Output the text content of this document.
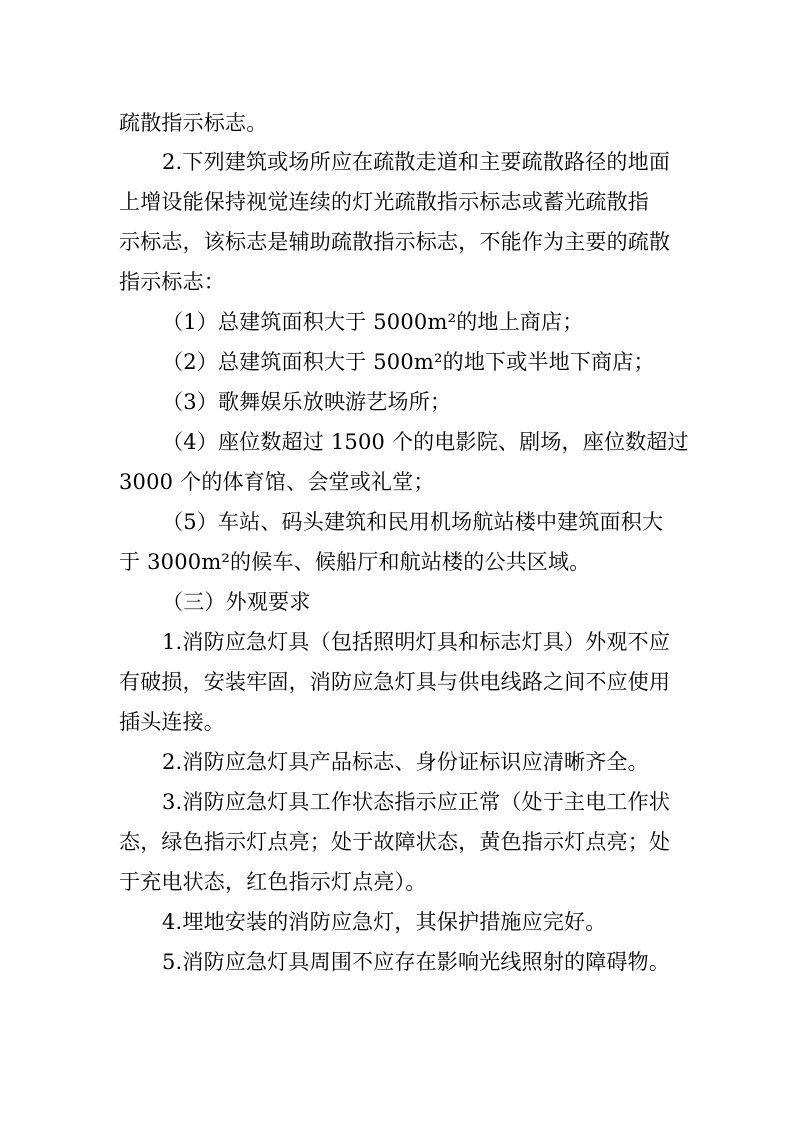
疏散指示标志。
2.下列建筑或场所应在疏散走道和主要疏散路径的地面
上增设能保持视觉连续的灯光疏散指示标志或蓄光疏散指
示标志，该标志是辅助疏散指示标志，不能作为主要的疏散
指示标志：
（1）总建筑面积大于 5000m²的地上商店；
（2）总建筑面积大于 500m²的地下或半地下商店；
（3）歌舞娱乐放映游艺场所；
（4）座位数超过 1500 个的电影院、剧场，座位数超过
3000 个的体育馆、会堂或礼堂；
（5）车站、码头建筑和民用机场航站楼中建筑面积大
于 3000m²的候车、候船厅和航站楼的公共区域。
（三）外观要求
1.消防应急灯具（包括照明灯具和标志灯具）外观不应
有破损，安装牢固，消防应急灯具与供电线路之间不应使用
插头连接。
2.消防应急灯具产品标志、身份证标识应清晰齐全。
3.消防应急灯具工作状态指示应正常（处于主电工作状
态，绿色指示灯点亮；处于故障状态，黄色指示灯点亮；处
于充电状态，红色指示灯点亮）。
4.埋地安装的消防应急灯，其保护措施应完好。
5.消防应急灯具周围不应存在影响光线照射的障碍物。
